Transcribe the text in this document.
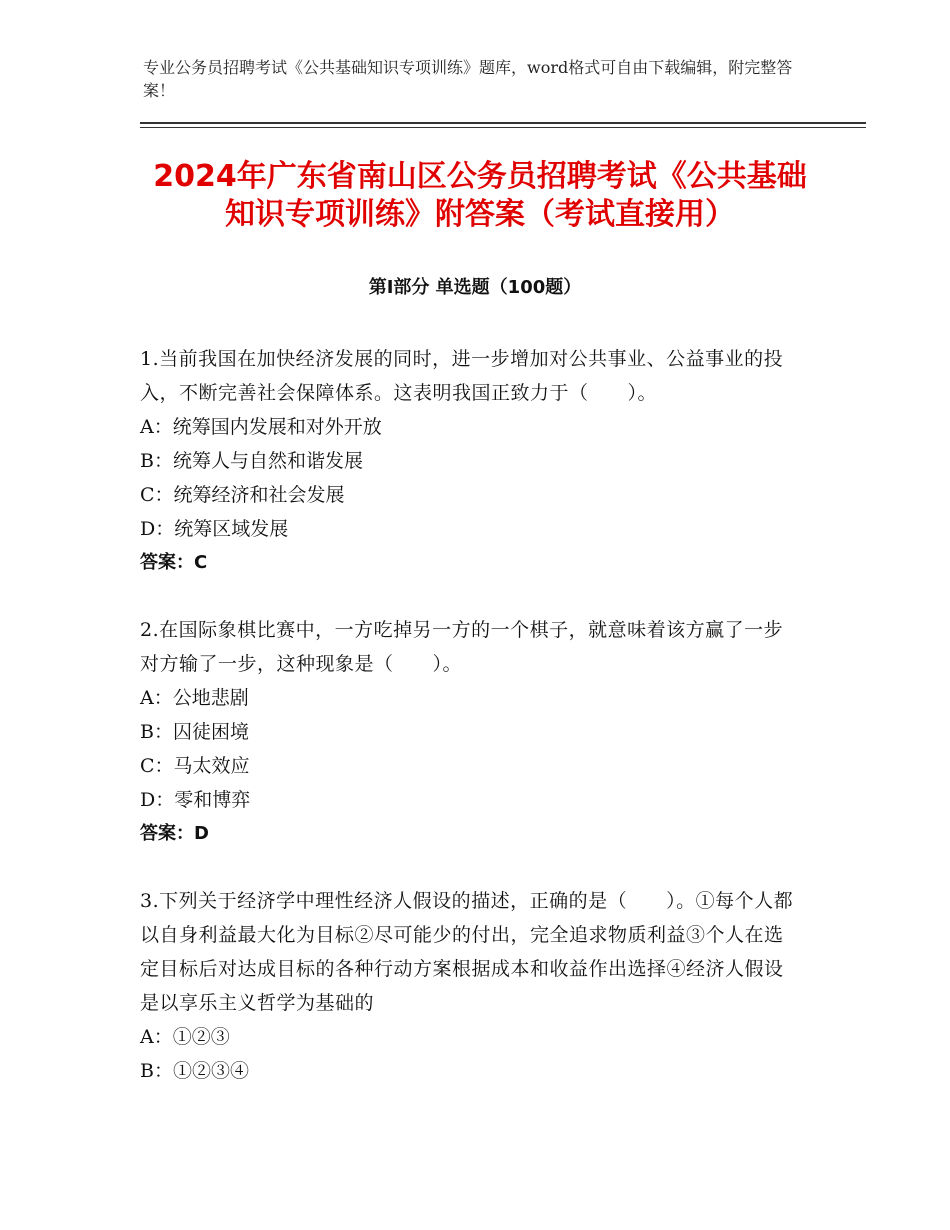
专业公务员招聘考试《公共基础知识专项训练》题库，word格式可自由下载编辑，附完整答案！
2024年广东省南山区公务员招聘考试《公共基础知识专项训练》附答案（考试直接用）
第Ⅰ部分 单选题（100题）

1.当前我国在加快经济发展的同时，进一步增加对公共事业、公益事业的投入，不断完善社会保障体系。这表明我国正致力于（　　）。

A：统筹国内发展和对外开放

B：统筹人与自然和谐发展

C：统筹经济和社会发展

D：统筹区域发展

答案：C

2.在国际象棋比赛中，一方吃掉另一方的一个棋子，就意味着该方赢了一步对方输了一步，这种现象是（　　）。

A：公地悲剧

B：囚徒困境

C：马太效应

D：零和博弈

答案：D

3.下列关于经济学中理性经济人假设的描述，正确的是（　　）。①每个人都以自身利益最大化为目标②尽可能少的付出，完全追求物质利益③个人在选定目标后对达成目标的各种行动方案根据成本和收益作出选择④经济人假设是以享乐主义哲学为基础的

A：①②③

B：①②③④
